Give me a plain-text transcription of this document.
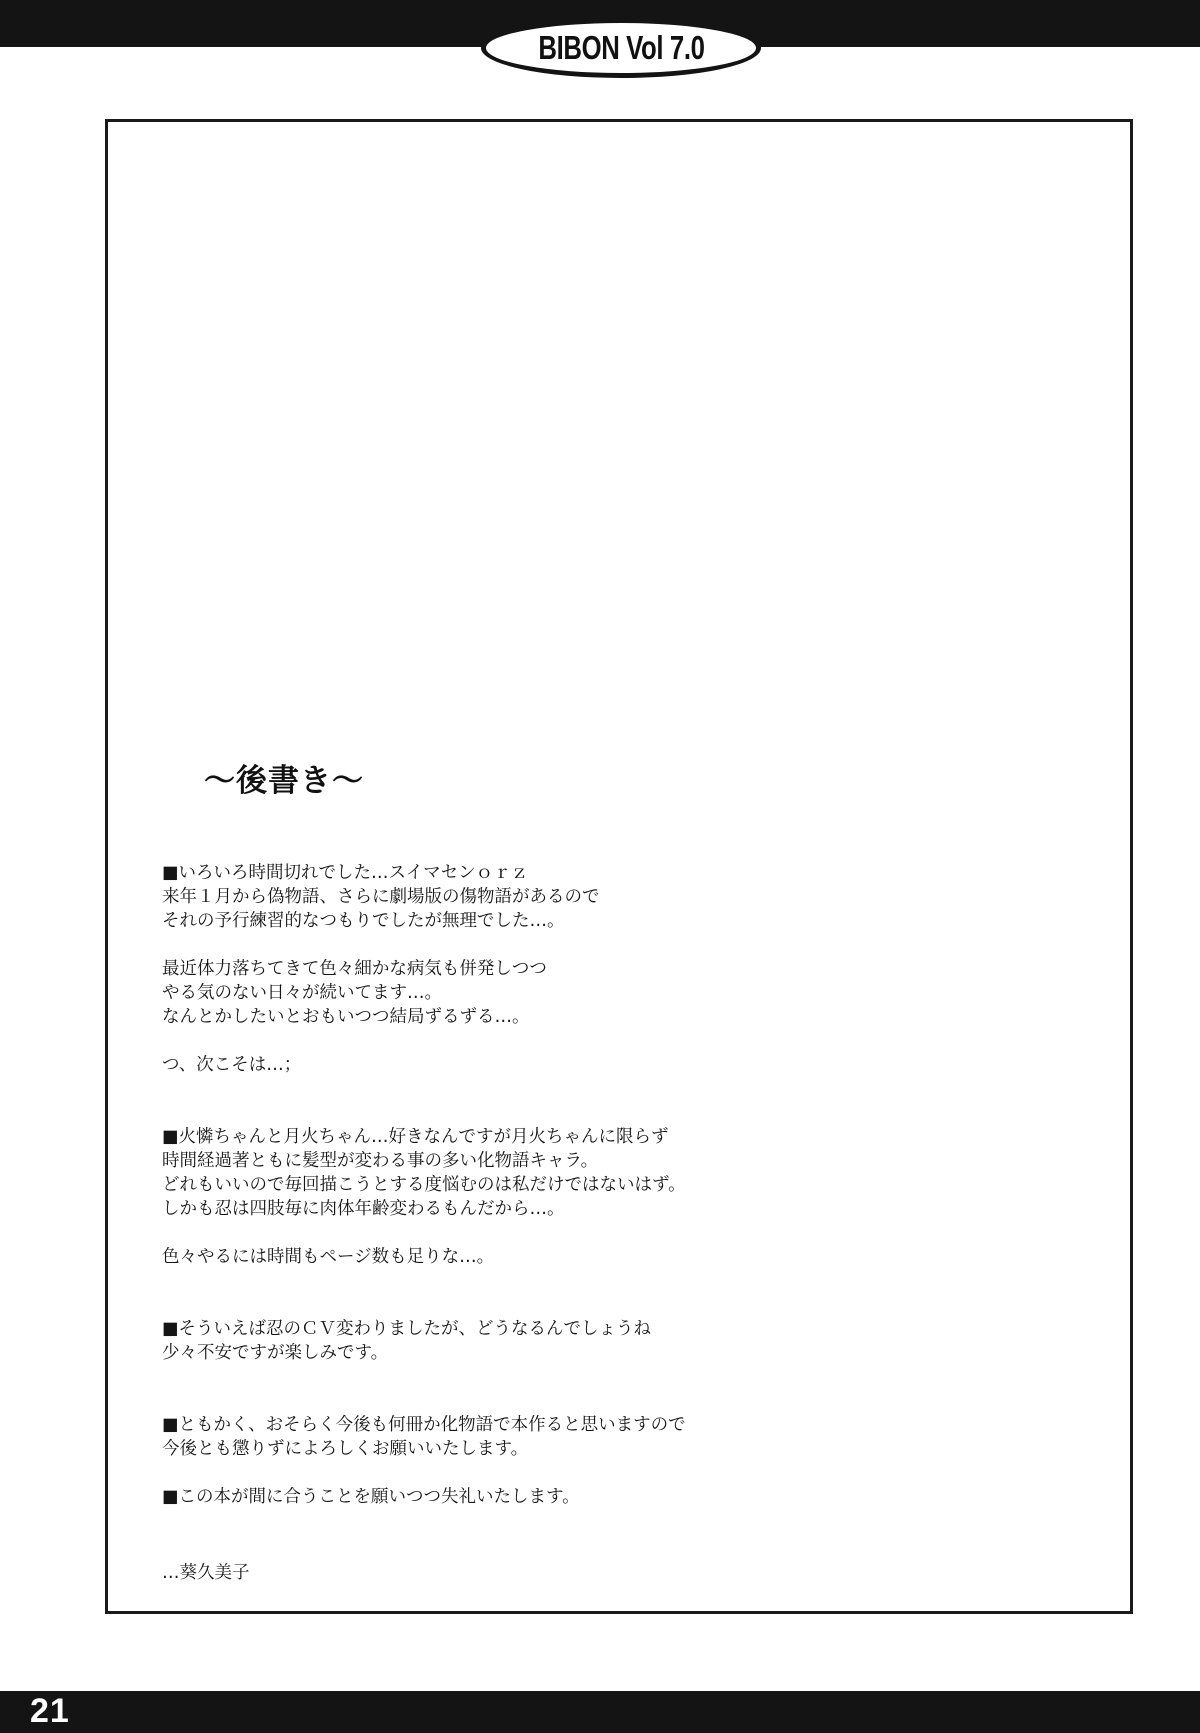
BIBON Vol 7.0
〜後書き〜
■いろいろ時間切れでした…スイマセンｏｒｚ
来年１月から偽物語、さらに劇場版の傷物語があるので
それの予行練習的なつもりでしたが無理でした…。
最近体力落ちてきて色々細かな病気も併発しつつ
やる気のない日々が続いてます…。
なんとかしたいとおもいつつ結局ずるずる…。
つ、次こそは…；
■火憐ちゃんと月火ちゃん…好きなんですが月火ちゃんに限らず
時間経過著ともに髪型が変わる事の多い化物語キャラ。
どれもいいので毎回描こうとする度悩むのは私だけではないはず。
しかも忍は四肢毎に肉体年齢変わるもんだから…。
色々やるには時間もページ数も足りな…。
■そういえば忍のＣＶ変わりましたが、どうなるんでしょうね
少々不安ですが楽しみです。
■ともかく、おそらく今後も何冊か化物語で本作ると思いますので
今後とも懲りずによろしくお願いいたします。
■この本が間に合うことを願いつつ失礼いたします。
…葵久美子
21
